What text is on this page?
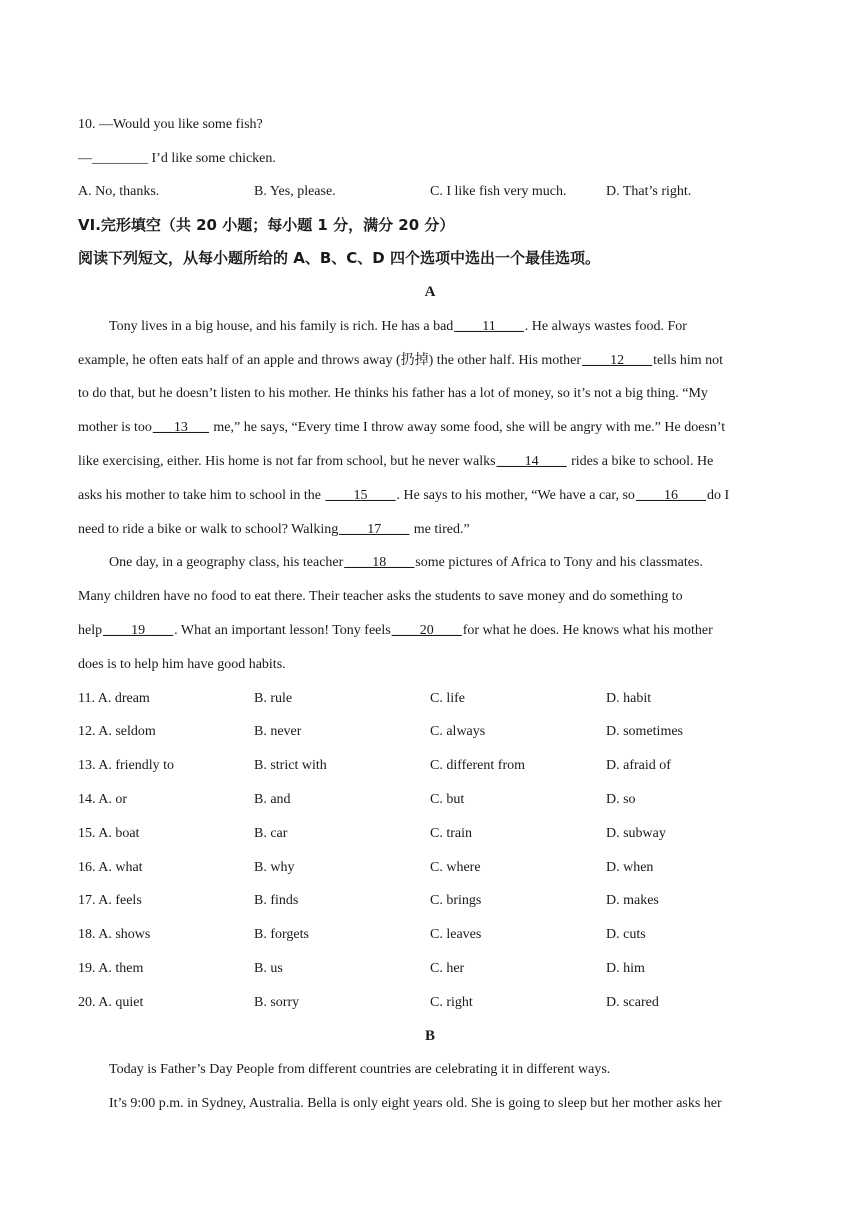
10. —Would you like some fish?
—________ I’d like some chicken.
A. No, thanks.	B. Yes, please.	C. I like fish very much.	D. That’s right.
VI.完形填空（共 20 小题；每小题 1 分，满分 20 分）
阅读下列短文，从每小题所给的 A、B、C、D 四个选项中选出一个最佳选项。
A
Tony lives in a big house, and his family is rich. He has a bad____11____. He always wastes food. For
example, he often eats half of an apple and throws away (扔掉) the other half. His mother____12____tells him not
to do that, but he doesn’t listen to his mother. He thinks his father has a lot of money, so it’s not a big thing. “My
mother is too___13___ me,” he says, “Every time I throw away some food, she will be angry with me.” He doesn’t
like exercising, either. His home is not far from school, but he never walks____14____ rides a bike to school. He
asks his mother to take him to school in the ____15____. He says to his mother, “We have a car, so____16____do I
need to ride a bike or walk to school? Walking____17____ me tired.”
One day, in a geography class, his teacher____18____some pictures of Africa to Tony and his classmates.
Many children have no food to eat there. Their teacher asks the students to save money and do something to
help____19____. What an important lesson! Tony feels____20____for what he does. He knows what his mother
does is to help him have good habits.
11. A. dream	B. rule	C. life	D. habit
12. A. seldom	B. never	C. always	D. sometimes
13. A. friendly to	B. strict with	C. different from	D. afraid of
14. A. or	B. and	C. but	D. so
15. A. boat	B. car	C. train	D. subway
16. A. what	B. why	C. where	D. when
17. A. feels	B. finds	C. brings	D. makes
18. A. shows	B. forgets	C. leaves	D. cuts
19. A. them	B. us	C. her	D. him
20. A. quiet	B. sorry	C. right	D. scared
B
Today is Father’s Day People from different countries are celebrating it in different ways.
It’s 9:00 p.m. in Sydney, Australia. Bella is only eight years old. She is going to sleep but her mother asks her
